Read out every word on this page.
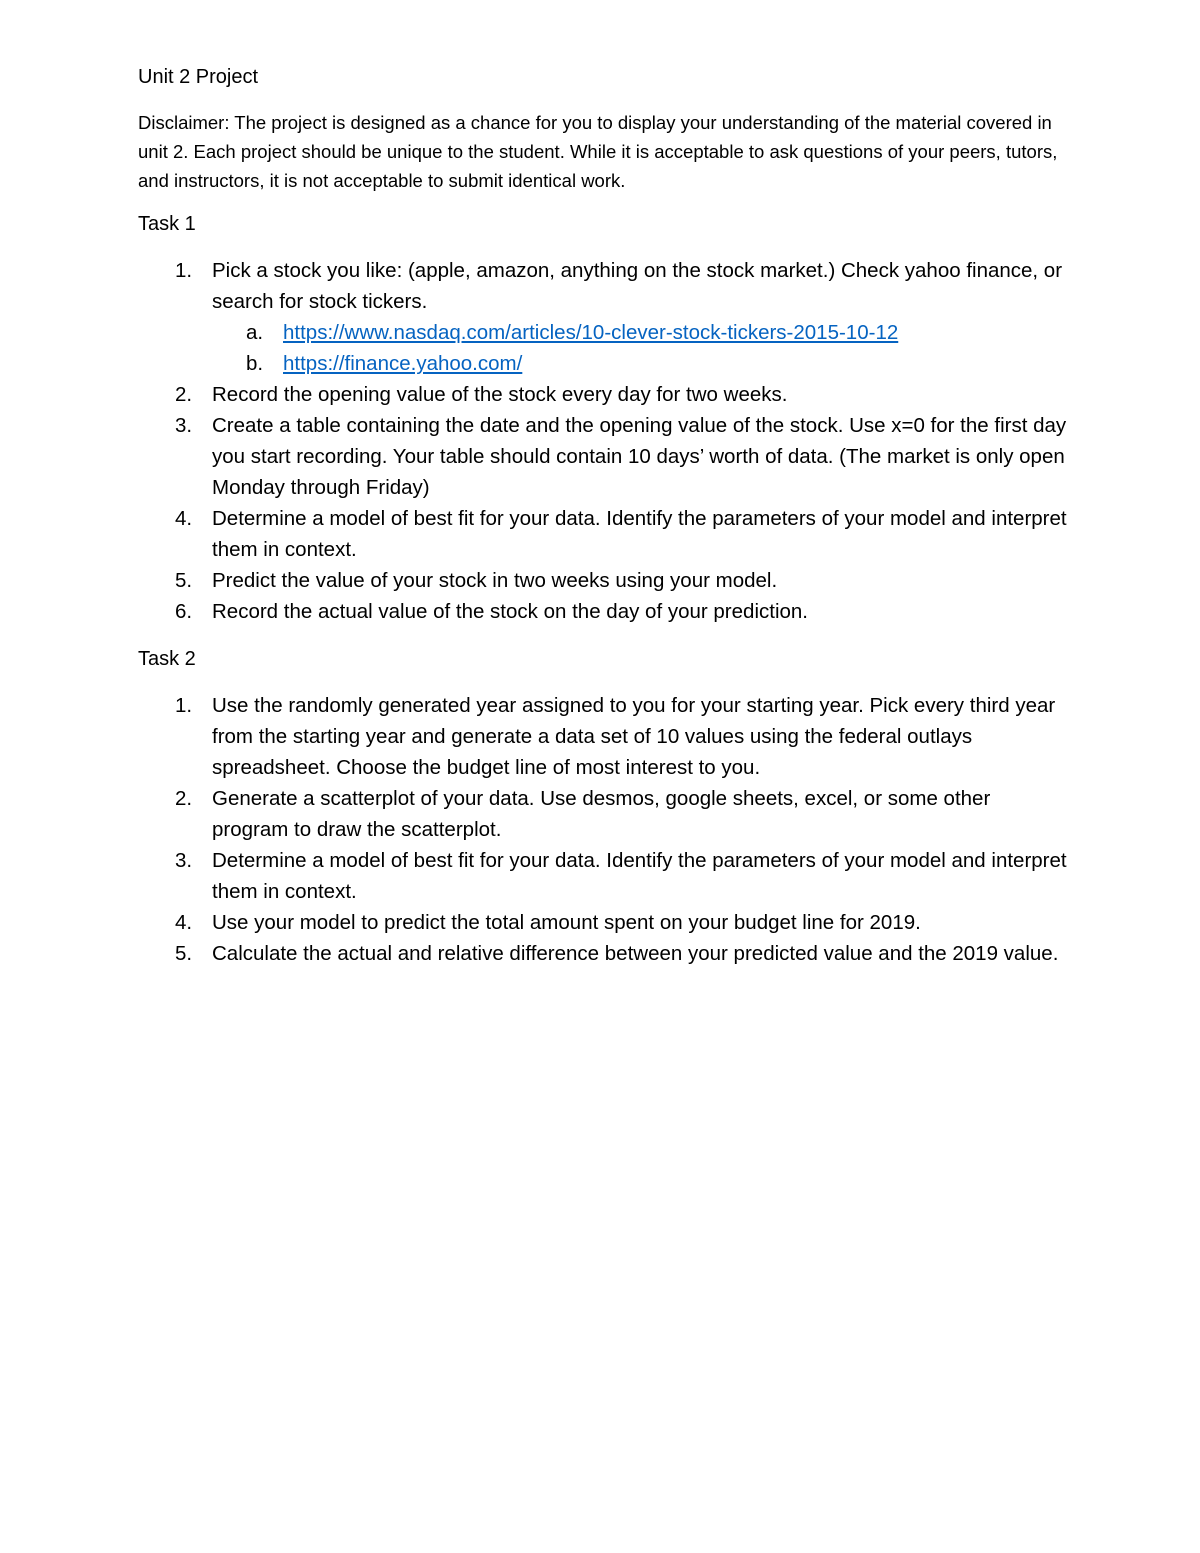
Unit 2 Project

Disclaimer: The project is designed as a chance for you to display your understanding of the material covered in unit 2. Each project should be unique to the student. While it is acceptable to ask questions of your peers, tutors, and instructors, it is not acceptable to submit identical work.

Task 1
1. Pick a stock you like: (apple, amazon, anything on the stock market.) Check yahoo finance, or search for stock tickers.
a. https://www.nasdaq.com/articles/10-clever-stock-tickers-2015-10-12
b. https://finance.yahoo.com/
2. Record the opening value of the stock every day for two weeks.
3. Create a table containing the date and the opening value of the stock. Use x=0 for the first day you start recording. Your table should contain 10 days’ worth of data. (The market is only open Monday through Friday)
4. Determine a model of best fit for your data. Identify the parameters of your model and interpret them in context.
5. Predict the value of your stock in two weeks using your model.
6. Record the actual value of the stock on the day of your prediction.
Task 2
1. Use the randomly generated year assigned to you for your starting year. Pick every third year from the starting year and generate a data set of 10 values using the federal outlays spreadsheet. Choose the budget line of most interest to you.
2. Generate a scatterplot of your data. Use desmos, google sheets, excel, or some other program to draw the scatterplot.
3. Determine a model of best fit for your data. Identify the parameters of your model and interpret them in context.
4. Use your model to predict the total amount spent on your budget line for 2019.
5. Calculate the actual and relative difference between your predicted value and the 2019 value.
